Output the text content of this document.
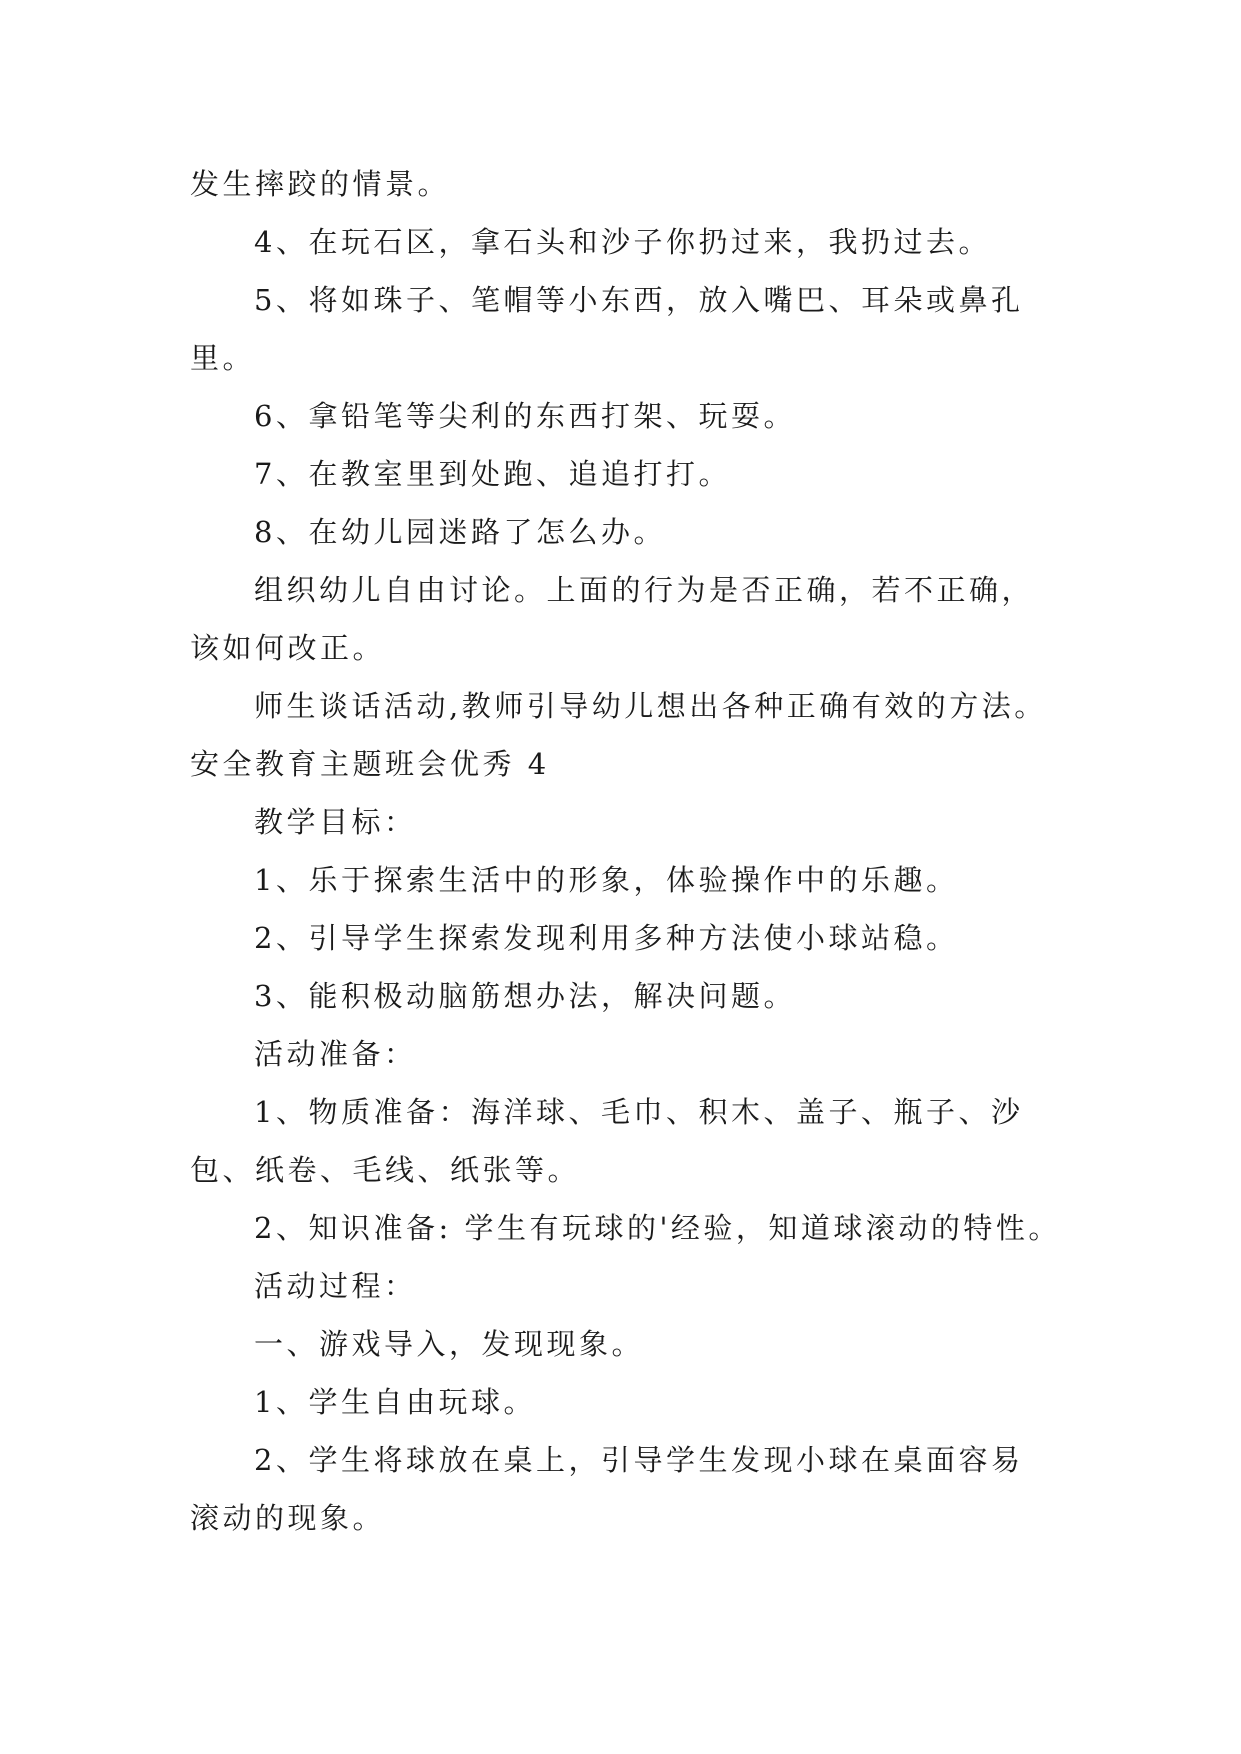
发生摔跤的情景。
4、在玩石区，拿石头和沙子你扔过来，我扔过去。
5、将如珠子、笔帽等小东西，放入嘴巴、耳朵或鼻孔
里。
6、拿铅笔等尖利的东西打架、玩耍。
7、在教室里到处跑、追追打打。
8、在幼儿园迷路了怎么办。
组织幼儿自由讨论。上面的行为是否正确，若不正确，
该如何改正。
师生谈话活动,教师引导幼儿想出各种正确有效的方法。
安全教育主题班会优秀 4
教学目标：
1、乐于探索生活中的形象，体验操作中的乐趣。
2、引导学生探索发现利用多种方法使小球站稳。
3、能积极动脑筋想办法，解决问题。
活动准备：
1、物质准备：海洋球、毛巾、积木、盖子、瓶子、沙
包、纸卷、毛线、纸张等。
2、知识准备: 学生有玩球的'经验，知道球滚动的特性。
活动过程：
一、游戏导入，发现现象。
1、学生自由玩球。
2、学生将球放在桌上，引导学生发现小球在桌面容易
滚动的现象。
